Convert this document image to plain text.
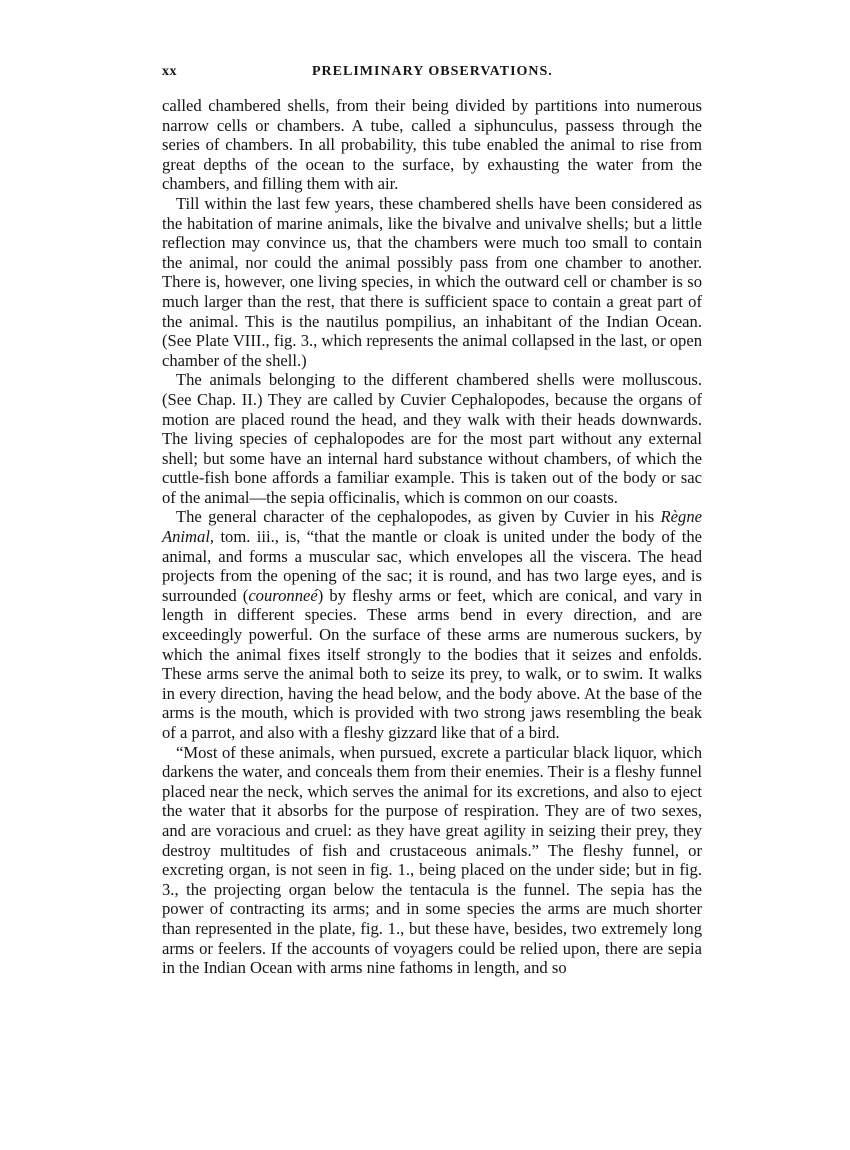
xx	PRELIMINARY OBSERVATIONS.

called chambered shells, from their being divided by partitions into numerous narrow cells or chambers. A tube, called a siphunculus, passess through the series of chambers. In all probability, this tube enabled the animal to rise from great depths of the ocean to the surface, by exhausting the water from the chambers, and filling them with air.

Till within the last few years, these chambered shells have been considered as the habitation of marine animals, like the bivalve and univalve shells; but a little reflection may convince us, that the chambers were much too small to contain the animal, nor could the animal possibly pass from one chamber to another. There is, however, one living species, in which the outward cell or chamber is so much larger than the rest, that there is sufficient space to contain a great part of the animal. This is the nautilus pompilius, an inhabitant of the Indian Ocean. (See Plate VIII., fig. 3., which represents the animal collapsed in the last, or open chamber of the shell.)

The animals belonging to the different chambered shells were molluscous. (See Chap. II.) They are called by Cuvier Cephalopodes, because the organs of motion are placed round the head, and they walk with their heads downwards. The living species of cephalopodes are for the most part without any external shell; but some have an internal hard substance without chambers, of which the cuttle-fish bone affords a familiar example. This is taken out of the body or sac of the animal—the sepia officinalis, which is common on our coasts.

The general character of the cephalopodes, as given by Cuvier in his Règne Animal, tom. iii., is, “that the mantle or cloak is united under the body of the animal, and forms a muscular sac, which envelopes all the viscera. The head projects from the opening of the sac; it is round, and has two large eyes, and is surrounded (couronneé) by fleshy arms or feet, which are conical, and vary in length in different species. These arms bend in every direction, and are exceedingly powerful. On the surface of these arms are numerous suckers, by which the animal fixes itself strongly to the bodies that it seizes and enfolds. These arms serve the animal both to seize its prey, to walk, or to swim. It walks in every direction, having the head below, and the body above. At the base of the arms is the mouth, which is provided with two strong jaws resembling the beak of a parrot, and also with a fleshy gizzard like that of a bird.

“Most of these animals, when pursued, excrete a particular black liquor, which darkens the water, and conceals them from their enemies. Their is a fleshy funnel placed near the neck, which serves the animal for its excretions, and also to eject the water that it absorbs for the purpose of respiration. They are of two sexes, and are voracious and cruel: as they have great agility in seizing their prey, they destroy multitudes of fish and crustaceous animals.” The fleshy funnel, or excreting organ, is not seen in fig. 1., being placed on the under side; but in fig. 3., the projecting organ below the tentacula is the funnel. The sepia has the power of contracting its arms; and in some species the arms are much shorter than represented in the plate, fig. 1., but these have, besides, two extremely long arms or feelers. If the accounts of voyagers could be relied upon, there are sepia in the Indian Ocean with arms nine fathoms in length, and so
